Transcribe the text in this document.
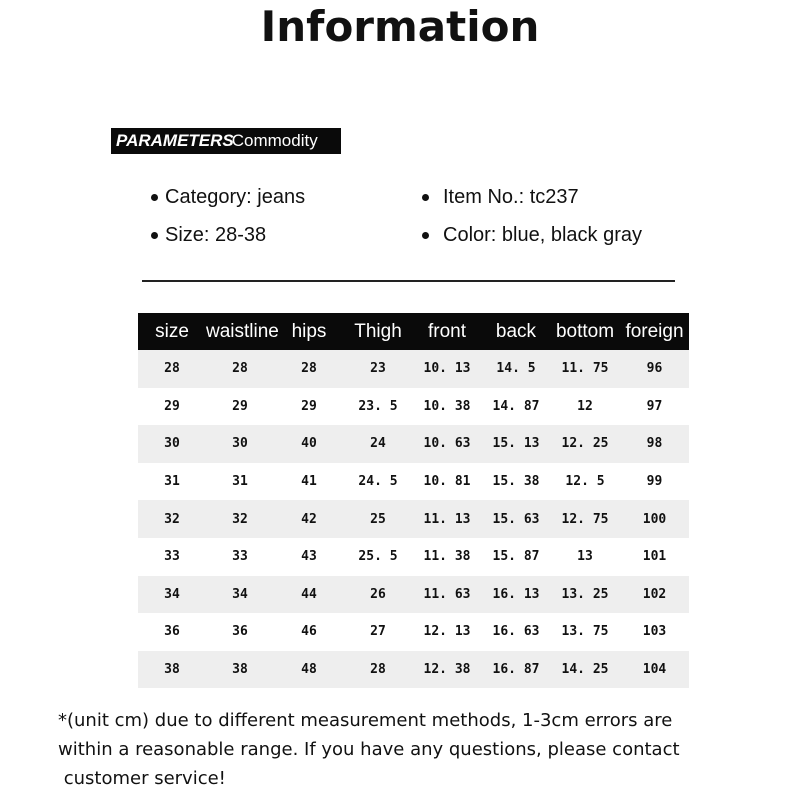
Information
PARAMETERS
Commodity
Category: jeans
Size: 28-38
Item No.: tc237
Color: blue, black gray
size waistline hips	Thigh	front	back	bottom foreign
28	28	28	23	10. 13	14. 5	11. 75	96
29	29	29	23. 5	10. 38	14. 87	12	97
30	30	40	24	10. 63	15. 13	12. 25	98
31	31	41	24. 5	10. 81	15. 38	12. 5	99
32	32	42	25	11. 13	15. 63	12. 75	100
33	33	43	25. 5	11. 38	15. 87	13	101
34	34	44	26	11. 63	16. 13	13. 25	102
36	36	46	27	12. 13	16. 63	13. 75	103
38	38	48	28	12. 38	16. 87	14. 25	104
*(unit cm) due to different measurement methods, 1-3cm errors are
within a reasonable range. If you have any questions, please contact
customer service!
